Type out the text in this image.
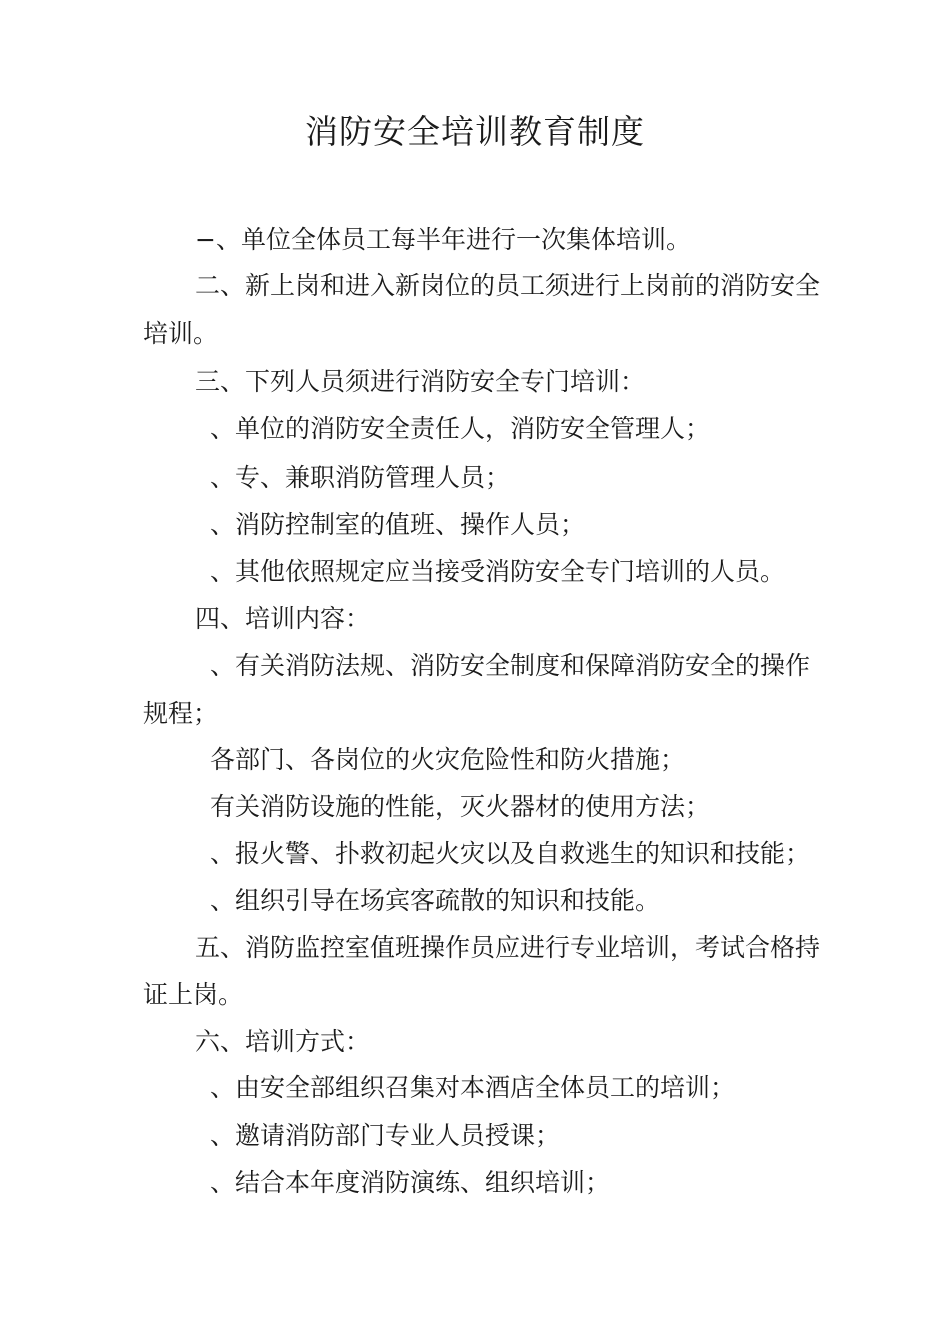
消防安全培训教育制度
−、单位全体员工每半年进行一次集体培训。
二、新上岗和进入新岗位的员工须进行上岗前的消防安全
培训。
三、下列人员须进行消防安全专门培训：
、单位的消防安全责任人，消防安全管理人；
、专、兼职消防管理人员；
、消防控制室的值班、操作人员；
、其他依照规定应当接受消防安全专门培训的人员。
四、培训内容：
、有关消防法规、消防安全制度和保障消防安全的操作
规程；
各部门、各岗位的火灾危险性和防火措施；
有关消防设施的性能，灭火器材的使用方法；
、报火警、扑救初起火灾以及自救逃生的知识和技能；
、组织引导在场宾客疏散的知识和技能。
五、消防监控室值班操作员应进行专业培训，考试合格持
证上岗。
六、培训方式：
、由安全部组织召集对本酒店全体员工的培训；
、邀请消防部门专业人员授课；
、结合本年度消防演练、组织培训；
